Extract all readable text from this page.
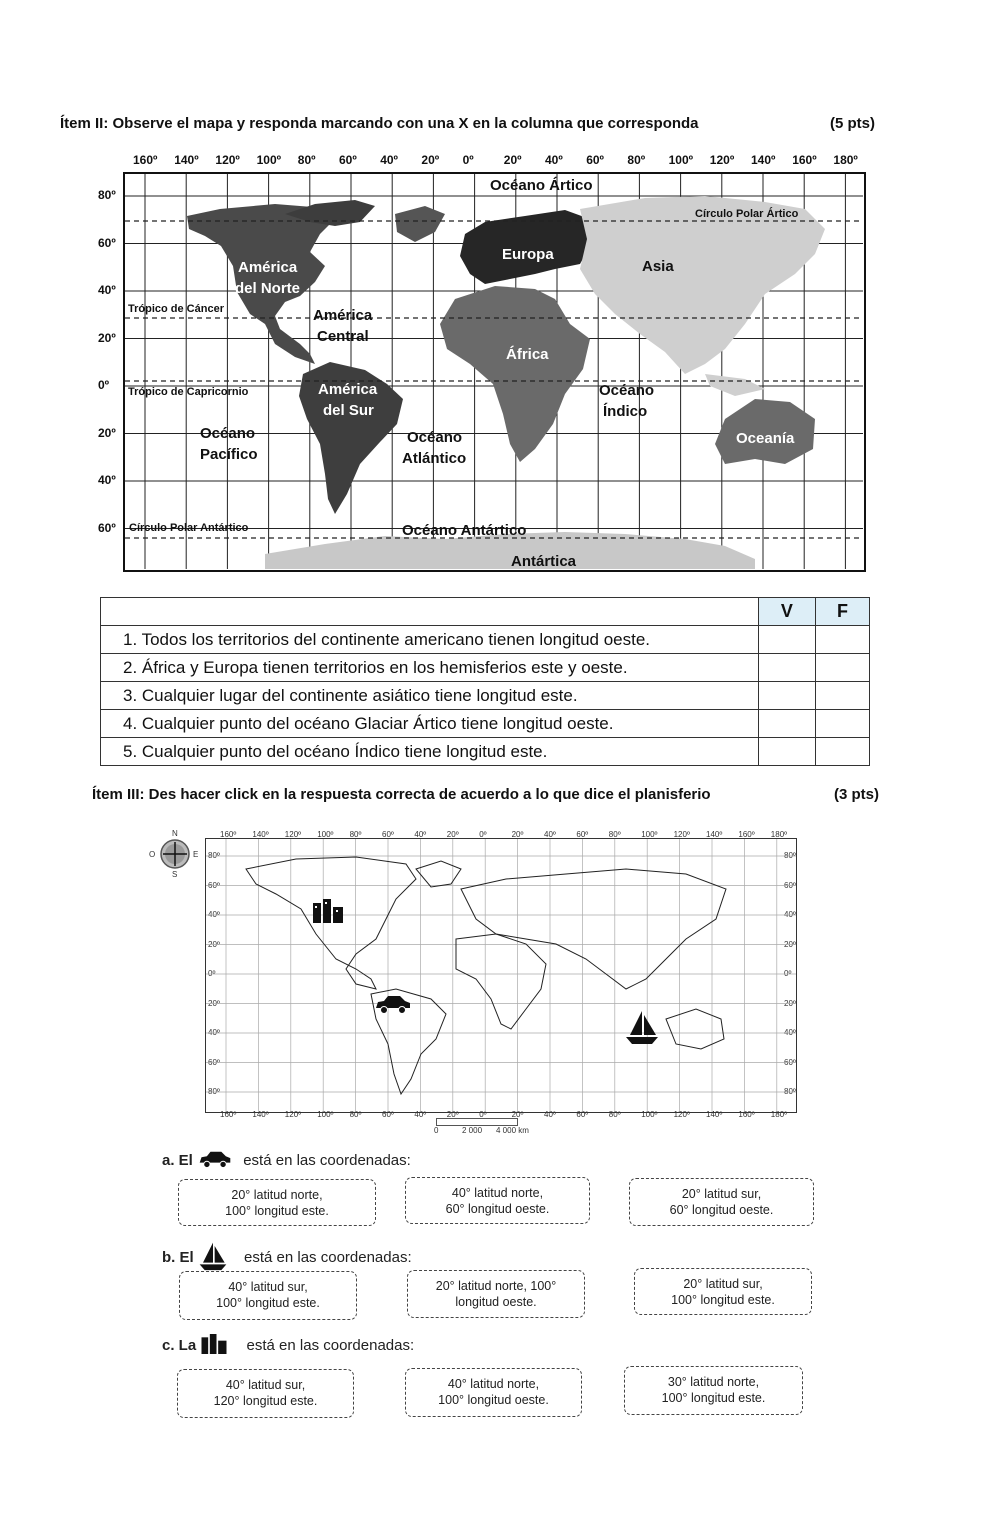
Ítem II: Observe el mapa y responda marcando con una X en la columna que corresponda	(5 pts)
160º 140º 120º 100º 80º 60º 40º 20º 0º	20º 40º 60º 80º 100º 120º 140º 160º 180º
80º
60º
40º
20º
0º
20º
40º
60º
Océano Ártico
Círculo Polar Ártico
América
del Norte
Europa
Asia
Trópico de Cáncer	América
Central
África
Trópico de Capricornio	América
del Sur
Océano
Índico
Océano
Pacífico
Océano
Atlántico
Oceanía
Círculo Polar Antártico	Océano Antártico
Antártica
	V	F
1. Todos los territorios del continente americano tienen longitud oeste.		
2. África y Europa tienen territorios en los hemisferios este y oeste.		
3. Cualquier lugar del continente asiático tiene longitud este.		
4. Cualquier punto del océano Glaciar Ártico tiene longitud oeste.		
5. Cualquier punto del océano Índico tiene longitud este.		
Ítem III: Des hacer click en la respuesta correcta de acuerdo a lo que dice el planisferio	(3 pts)
N
S
O	E
160º 140º 120º 100º 80º	60º	40º	20º	0º	20º	40º	60º	80º	100º 120º 140º 160º 180º
160º 140º 120º 100º 80º	60º	40º	20º	0º	20º	40º	60º	80º	100º 120º 140º 160º 180º
80º
60º
40º
20º
0º
20º
40º
60º
80º
80º
60º
40º
20º
0º
20º
40º
60º
80º
0	2 000 4 000 km
a. El	está en las coordenadas:
20° latitud norte,
100° longitud este.
40° latitud norte,
60° longitud oeste.
20° latitud sur,
60° longitud oeste.
b. El	está en las coordenadas:
40° latitud sur,
100° longitud este.
20° latitud norte, 100°
longitud oeste.
20° latitud sur,
100° longitud este.
c. La	está en las coordenadas:
40° latitud sur,
120° longitud este.
40° latitud norte,
100° longitud oeste.
30° latitud norte,
100° longitud este.
